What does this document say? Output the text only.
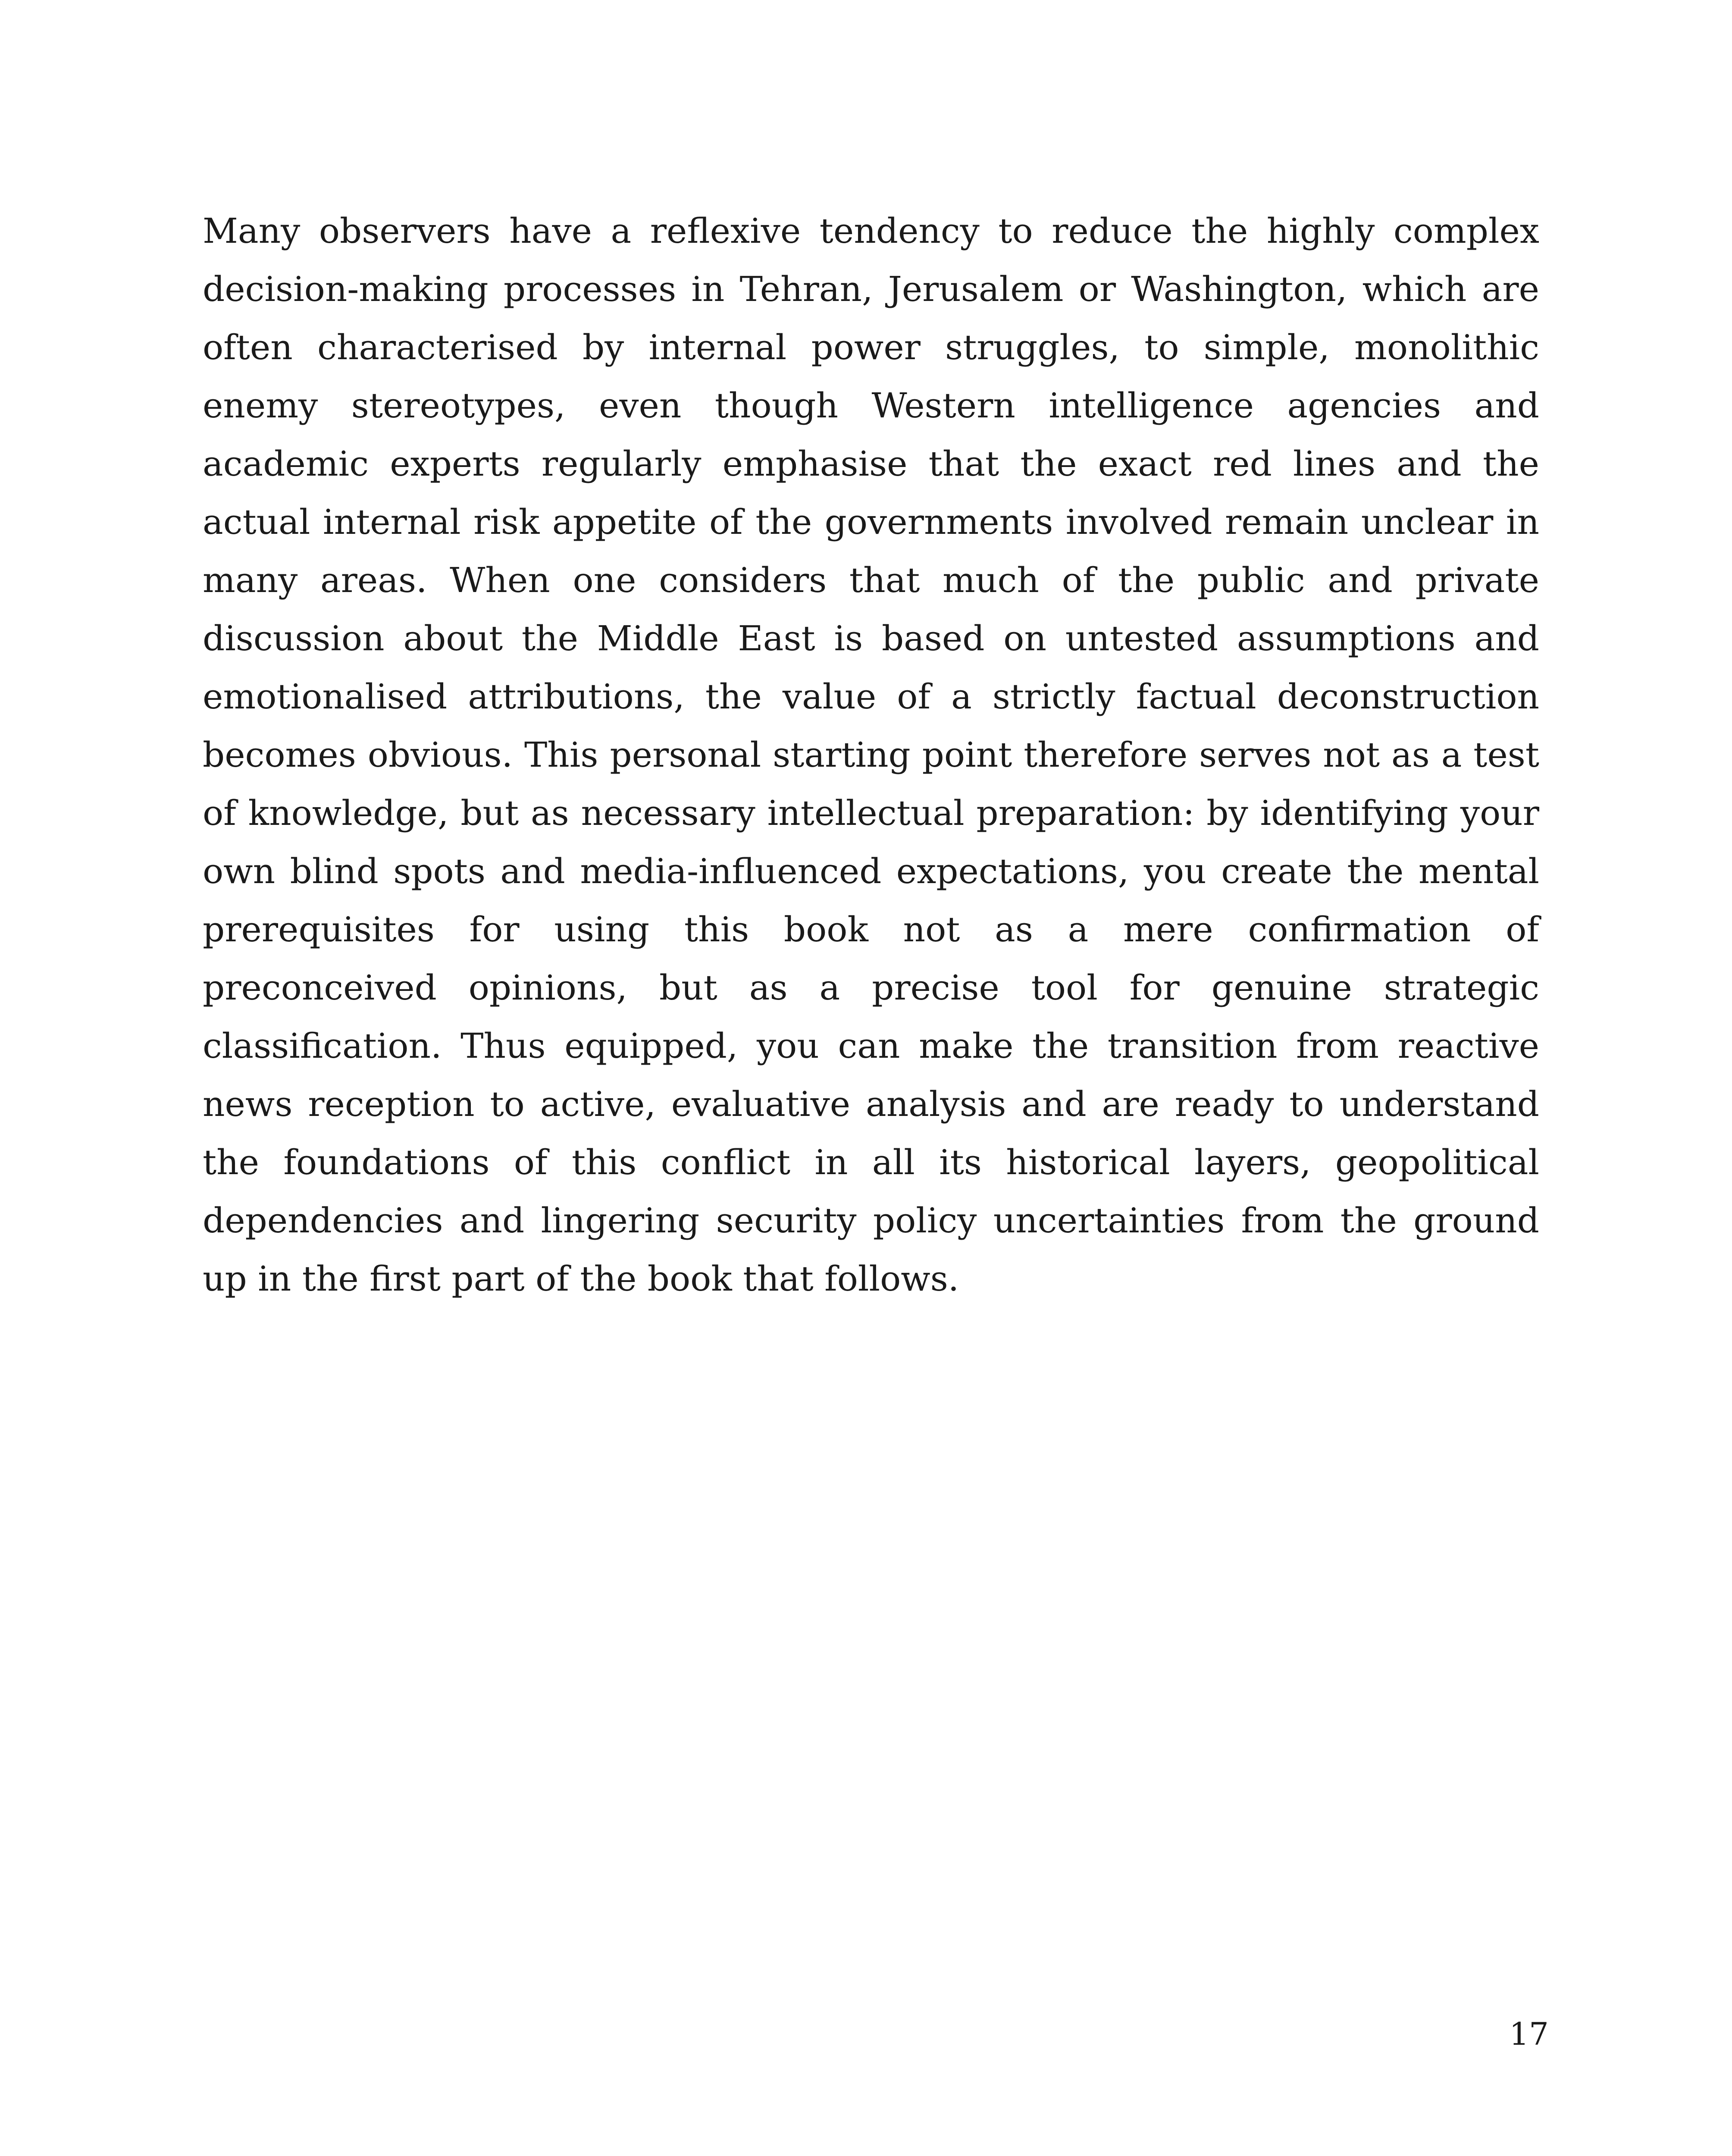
Many observers have a reflexive tendency to reduce the highly complex decision-making processes in Tehran, Jerusalem or Washington, which are often characterised by internal power struggles, to simple, monolithic enemy stereotypes, even though Western intelligence agencies and academic experts regularly emphasise that the exact red lines and the actual internal risk appetite of the governments involved remain unclear in many areas. When one considers that much of the public and private discussion about the Middle East is based on untested assumptions and emotionalised attributions, the value of a strictly factual deconstruction becomes obvious. This personal starting point therefore serves not as a test of knowledge, but as necessary intellectual preparation: by identifying your own blind spots and media-influenced expectations, you create the mental prerequisites for using this book not as a mere confirmation of preconceived opinions, but as a precise tool for genuine strategic classification. Thus equipped, you can make the transition from reactive news reception to active, evaluative analysis and are ready to understand the foundations of this conflict in all its historical layers, geopolitical dependencies and lingering security policy uncertainties from the ground up in the first part of the book that follows.

17
